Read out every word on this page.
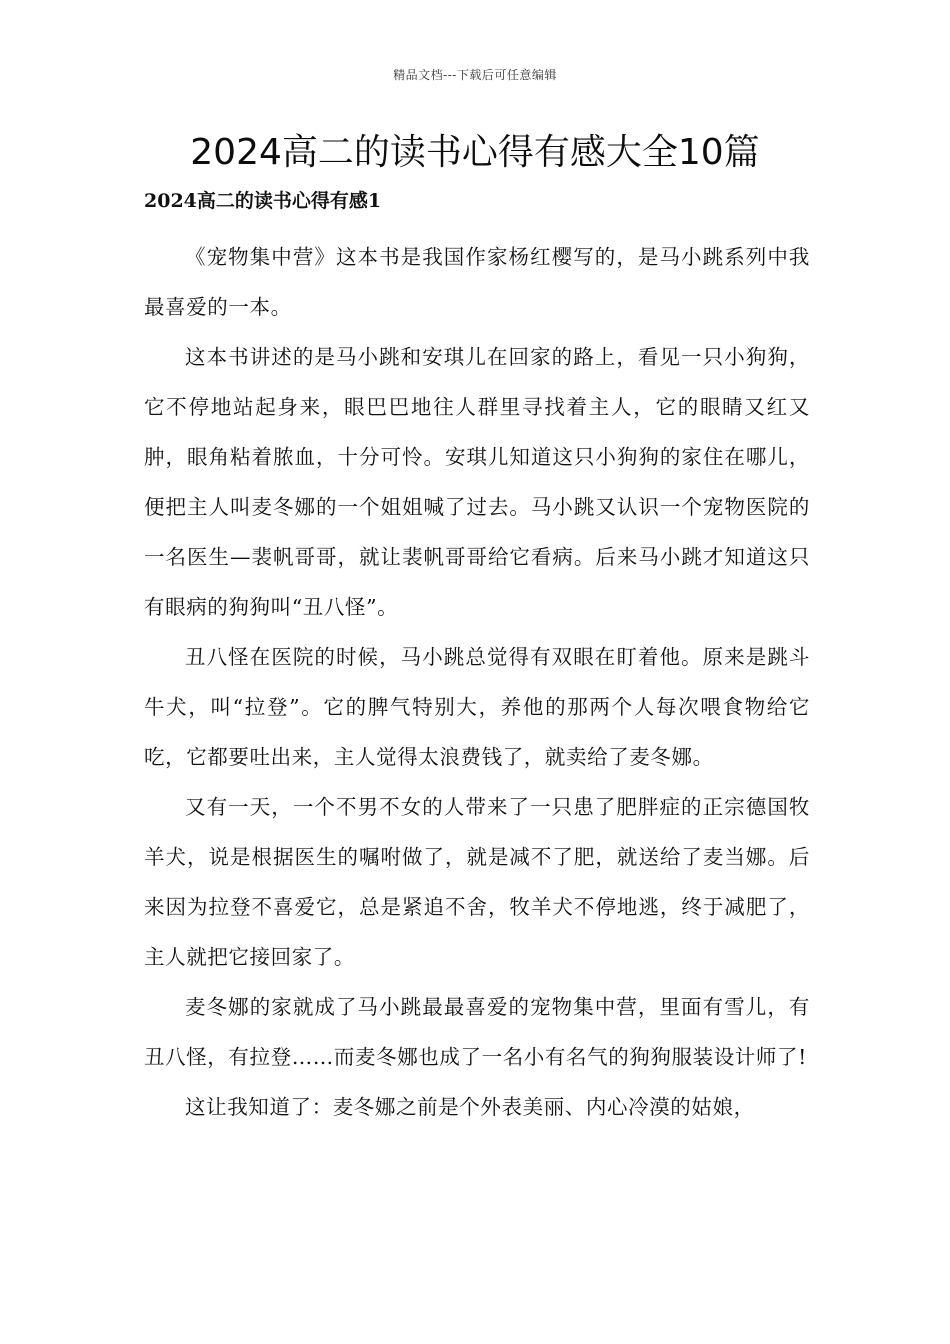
精品文档---下载后可任意编辑
2024高二的读书心得有感大全10篇
2024高二的读书心得有感1

《宠物集中营》这本书是我国作家杨红樱写的，是马小跳系列中我最喜爱的一本。

这本书讲述的是马小跳和安琪儿在回家的路上，看见一只小狗狗，它不停地站起身来，眼巴巴地往人群里寻找着主人，它的眼睛又红又肿，眼角粘着脓血，十分可怜。安琪儿知道这只小狗狗的家住在哪儿，便把主人叫麦冬娜的一个姐姐喊了过去。马小跳又认识一个宠物医院的一名医生—裴帆哥哥，就让裴帆哥哥给它看病。后来马小跳才知道这只有眼病的狗狗叫“丑八怪”。

丑八怪在医院的时候，马小跳总觉得有双眼在盯着他。原来是跳斗牛犬，叫“拉登”。它的脾气特别大，养他的那两个人每次喂食物给它吃，它都要吐出来，主人觉得太浪费钱了，就卖给了麦冬娜。

又有一天，一个不男不女的人带来了一只患了肥胖症的正宗德国牧羊犬，说是根据医生的嘱咐做了，就是减不了肥，就送给了麦当娜。后来因为拉登不喜爱它，总是紧追不舍，牧羊犬不停地逃，终于减肥了，主人就把它接回家了。

麦冬娜的家就成了马小跳最最喜爱的宠物集中营，里面有雪儿，有丑八怪，有拉登……而麦冬娜也成了一名小有名气的狗狗服装设计师了!

这让我知道了：麦冬娜之前是个外表美丽、内心冷漠的姑娘，
